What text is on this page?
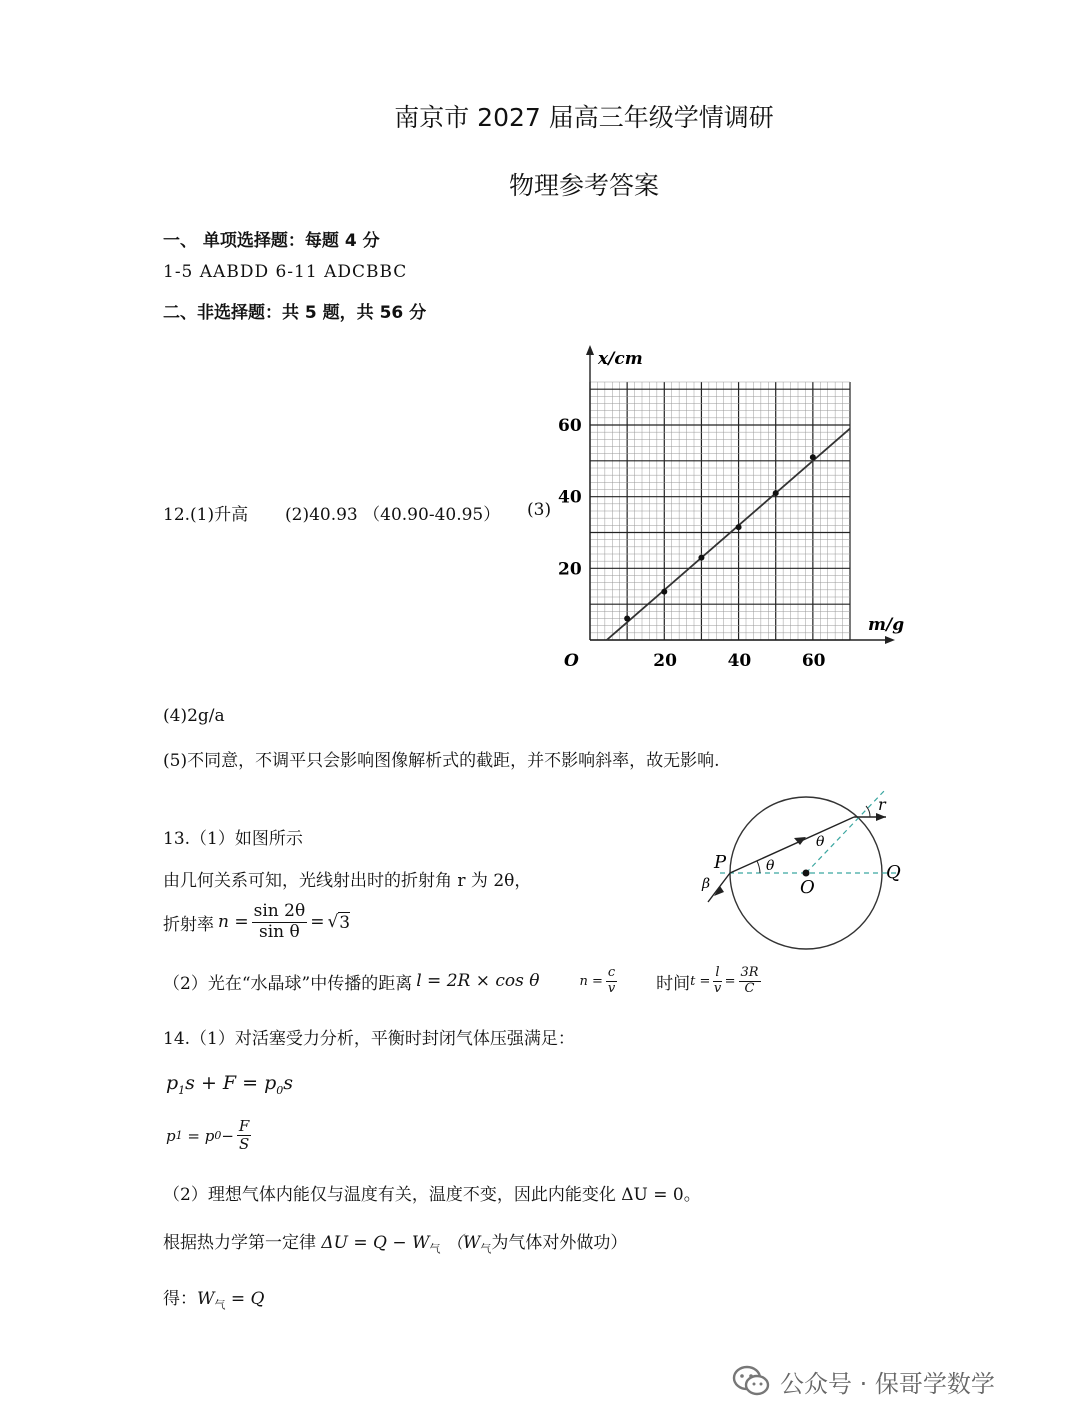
南京市 2027 届高三年级学情调研
物理参考答案
一、 单项选择题：每题 4 分
1-5 AABDD 6-11 ADCBBC
二、非选择题：共 5 题，共 56 分
12.(1)升高 (2)40.93 （40.90-40.95） (3)
20	40	60
20
40
60
O
m/g
x/cm
(4)2g/a
(5)不同意，不调平只会影响图像解析式的截距，并不影响斜率，故无影响.
13.（1）如图所示
由几何关系可知，光线射出时的折射角 r 为 2θ，
折射率 $n = \frac{\sin 2\theta}{\text{sin θ}}$ = √ 3
（2）光在“水晶球”中传播的距离 l = 2R × cos θ	$n = \frac{c}{v}$ 时间 $t = \frac{l}{v} = \frac{3R}{C}$
P
O
Q
r
θ
θ
β
14.（1）对活塞受力分析，平衡时封闭气体压强满足：
$p_1s + F = p_0s$
p 1 = p $0 - \frac{F}{S}$
（2）理想气体内能仅与温度有关，温度不变，因此内能变化 ΔU = 0。
根据热力学第一定律 $\Delta U = Q - W_气$ （$W_气$为气体对外做功）
得：$W_气 = Q$
公众号 · 保哥学数学
